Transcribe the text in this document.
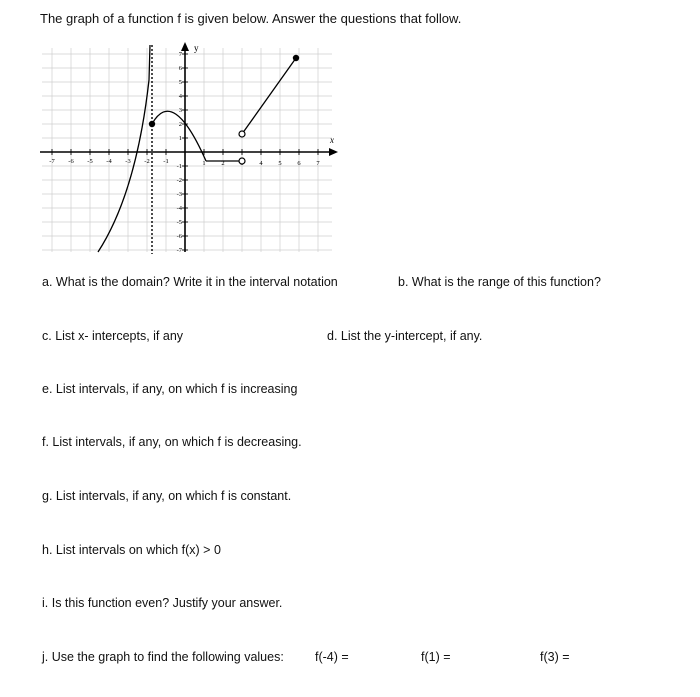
The graph of a function f is given below. Answer the questions that follow.
-7 -6 -5 -4 -3 -2 -1	1 2	4 5 6 7
7
6
5
4
3
2
1
-1
-2
-3
-4
-5
-6
-7
y
x
a. What is the domain? Write it in the interval notation	b. What is the range of this function?
c. List x- intercepts, if any	d. List the y-intercept, if any.
e. List intervals, if any, on which f is increasing
f. List intervals, if any, on which f is decreasing.
g. List intervals, if any, on which f is constant.
h. List intervals on which f(x) > 0
i. Is this function even? Justify your answer.
j. Use the graph to find the following values: f(-4) =	f(1) =	f(3) =
